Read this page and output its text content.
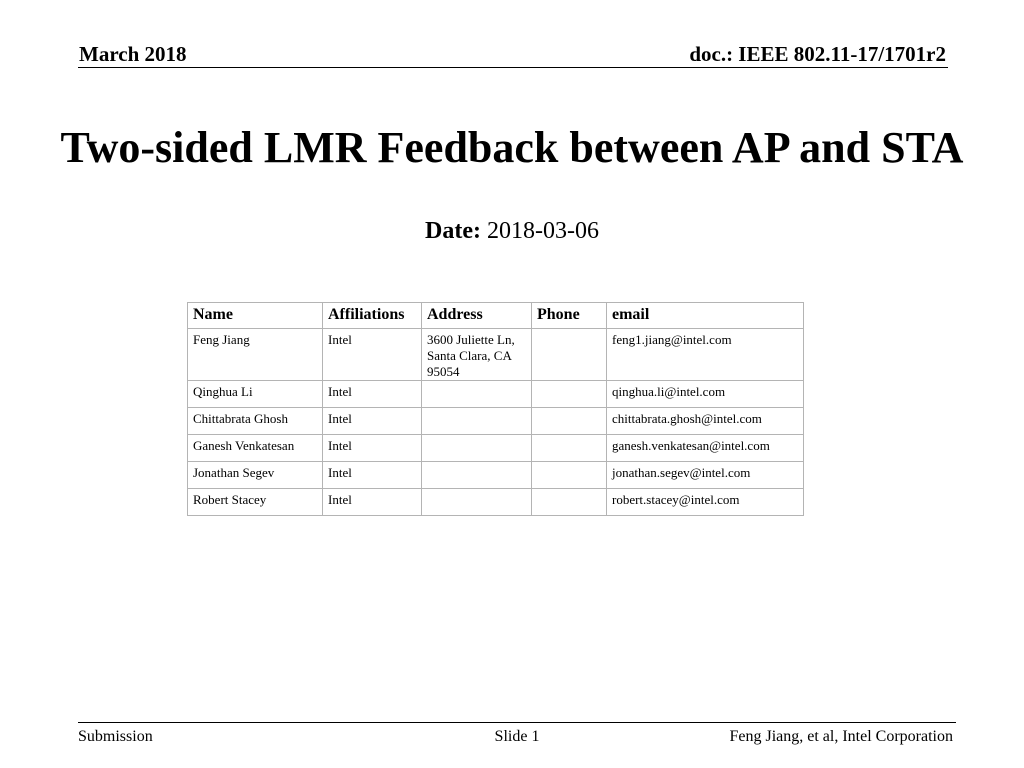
March 2018	doc.: IEEE 802.11-17/1701r2
Two-sided LMR Feedback between AP and STA
Date: 2018-03-06
Name	Affiliations	Address	Phone	email
Feng Jiang	Intel	3600 Juliette Ln, Santa Clara, CA 95054		feng1.jiang@intel.com
Qinghua Li	Intel			qinghua.li@intel.com
Chittabrata Ghosh	Intel			chittabrata.ghosh@intel.com
Ganesh Venkatesan	Intel			ganesh.venkatesan@intel.com
Jonathan Segev	Intel			jonathan.segev@intel.com
Robert Stacey	Intel			robert.stacey@intel.com
Submission	Slide 1	Feng Jiang, et al, Intel Corporation
